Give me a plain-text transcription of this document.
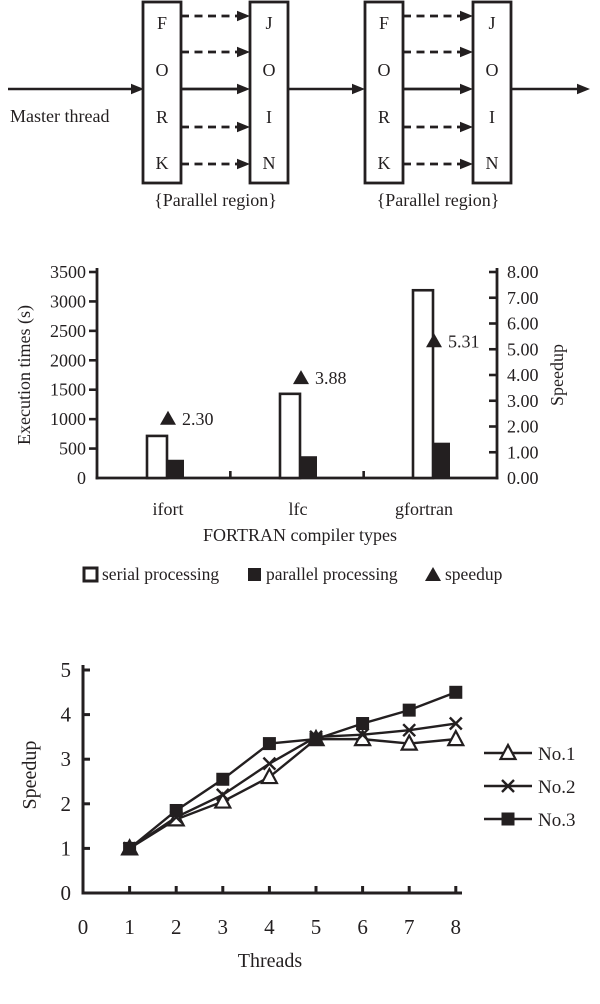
Master thread
F
O
R
K
J
O
I
N
{Parallel region}
F
O
R
K
J
O
I
N
{Parallel region}
0
500
1000
1500
2000
2500
3000
3500
0.00
1.00
2.00
3.00
4.00
5.00
6.00
7.00
8.00
Execution times (s)	Speedup
2.30
ifort
3.88
lfc
5.31
gfortran
FORTRAN compiler types
serial processing	parallel processing	speedup
0
1
2
3
4
5
0 1 2 3 4 5 6 7 8
Threads
Speedup	No.1
No.2
No.3
